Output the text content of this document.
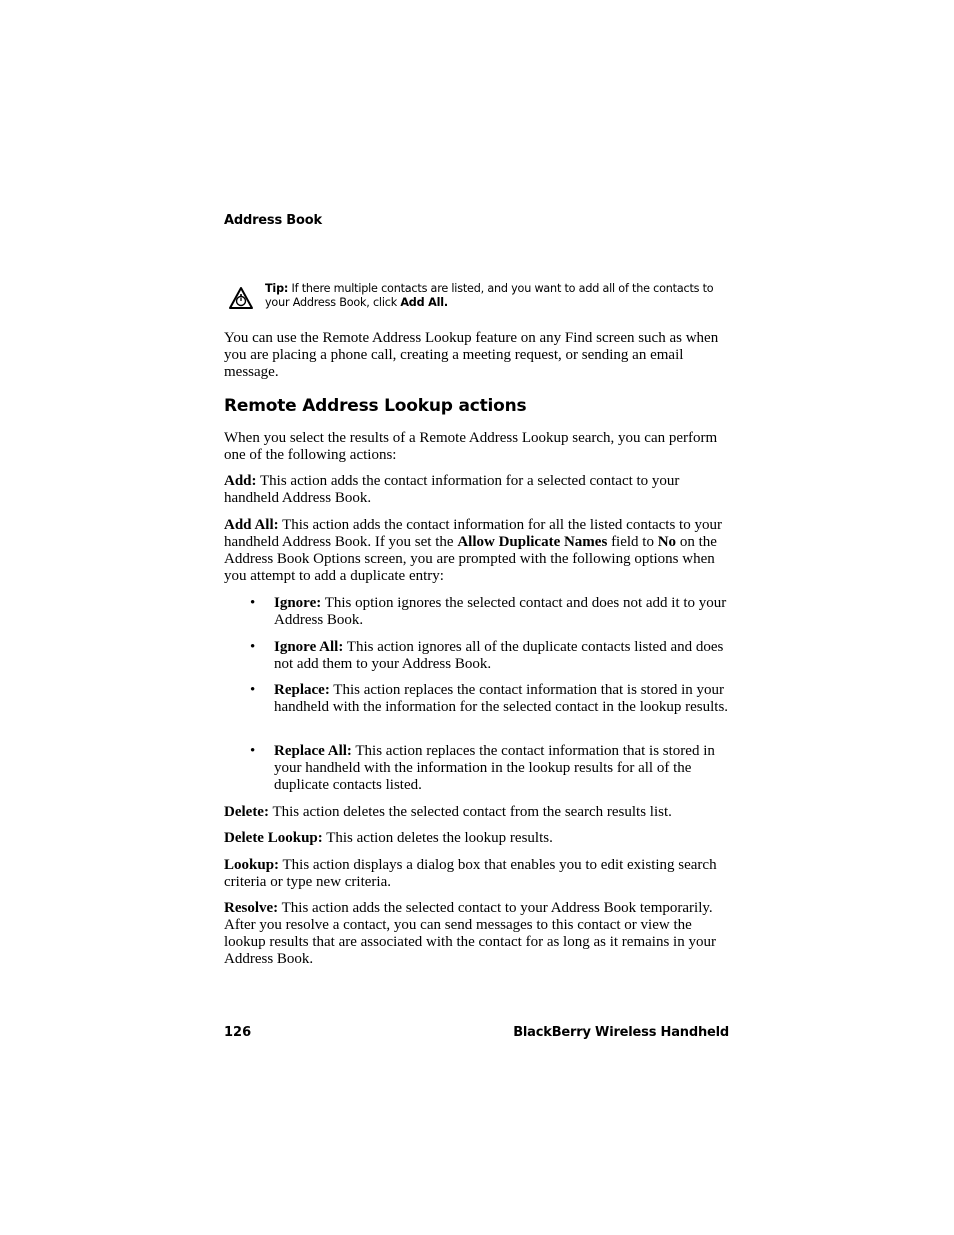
Address Book
Tip: If there multiple contacts are listed, and you want to add all of the contacts to your Address Book, click Add All.

You can use the Remote Address Lookup feature on any Find screen such as when you are placing a phone call, creating a meeting request, or sending an email message.

Remote Address Lookup actions

When you select the results of a Remote Address Lookup search, you can perform one of the following actions:

Add: This action adds the contact information for a selected contact to your handheld Address Book.

Add All: This action adds the contact information for all the listed contacts to your handheld Address Book. If you set the Allow Duplicate Names field to No on the Address Book Options screen, you are prompted with the following options when you attempt to add a duplicate entry:

•	Ignore: This option ignores the selected contact and does not add it to your Address Book.
•	Ignore All: This action ignores all of the duplicate contacts listed and does not add them to your Address Book.
•	Replace: This action replaces the contact information that is stored in your handheld with the information for the selected contact in the lookup results.
•	Replace All: This action replaces the contact information that is stored in your handheld with the information in the lookup results for all of the duplicate contacts listed.

Delete: This action deletes the selected contact from the search results list.

Delete Lookup: This action deletes the lookup results.

Lookup: This action displays a dialog box that enables you to edit existing search criteria or type new criteria.

Resolve: This action adds the selected contact to your Address Book temporarily. After you resolve a contact, you can send messages to this contact or view the lookup results that are associated with the contact for as long as it remains in your Address Book.

126	BlackBerry Wireless Handheld
